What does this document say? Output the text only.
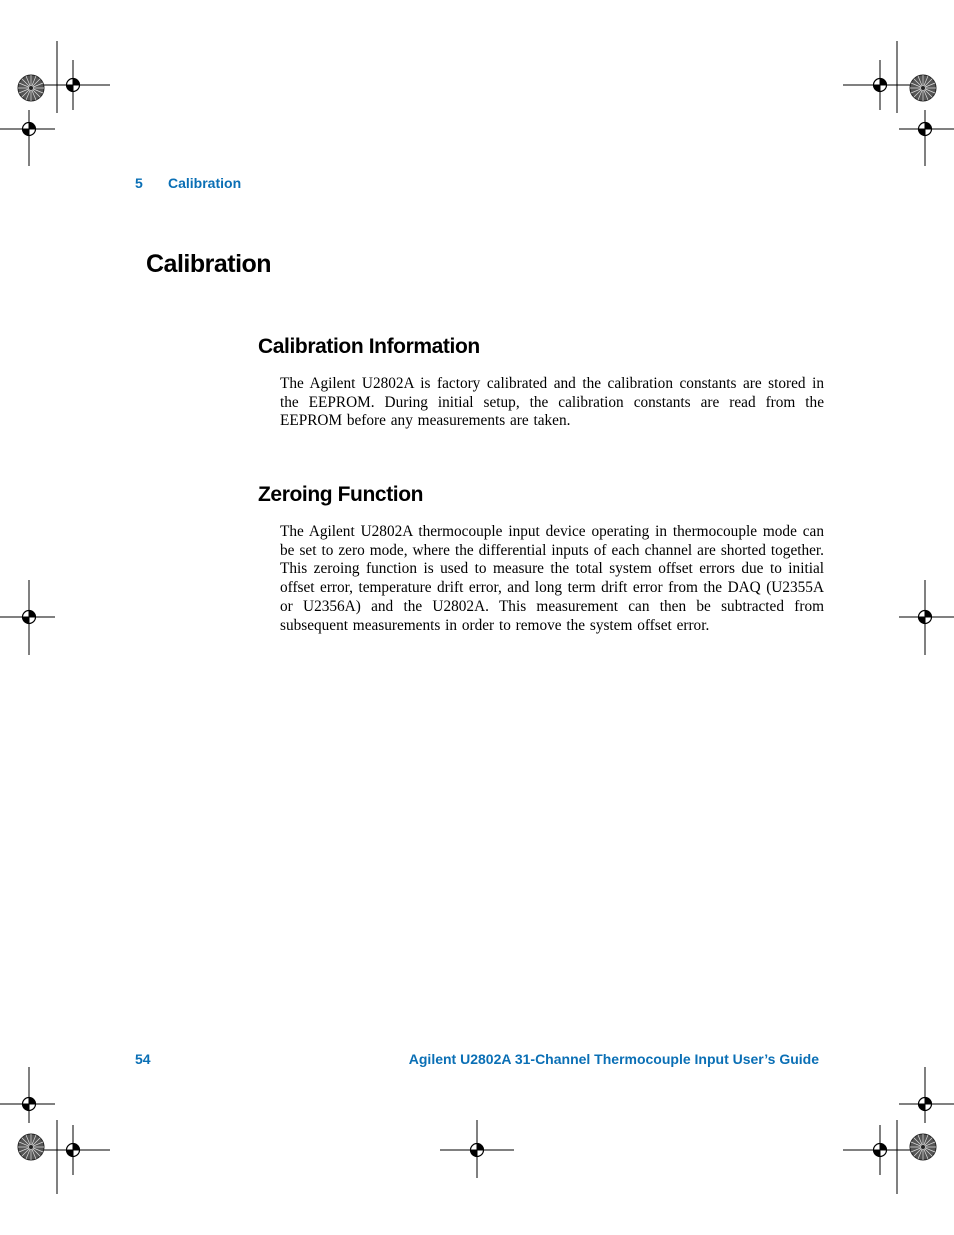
5 Calibration
Calibration
Calibration Information

The Agilent U2802A is factory calibrated and the calibration constants are stored in the EEPROM. During initial setup, the calibration constants are read from the EEPROM before any measurements are taken.

Zeroing Function

The Agilent U2802A thermocouple input device operating in thermocouple mode can be set to zero mode, where the differential inputs of each channel are shorted together. This zeroing function is used to measure the total system offset errors due to initial offset error, temperature drift error, and long term drift error from the DAQ (U2355A or U2356A) and the U2802A. This measurement can then be subtracted from subsequent measurements in order to remove the system offset error.

54	Agilent U2802A 31-Channel Thermocouple Input User’s Guide
